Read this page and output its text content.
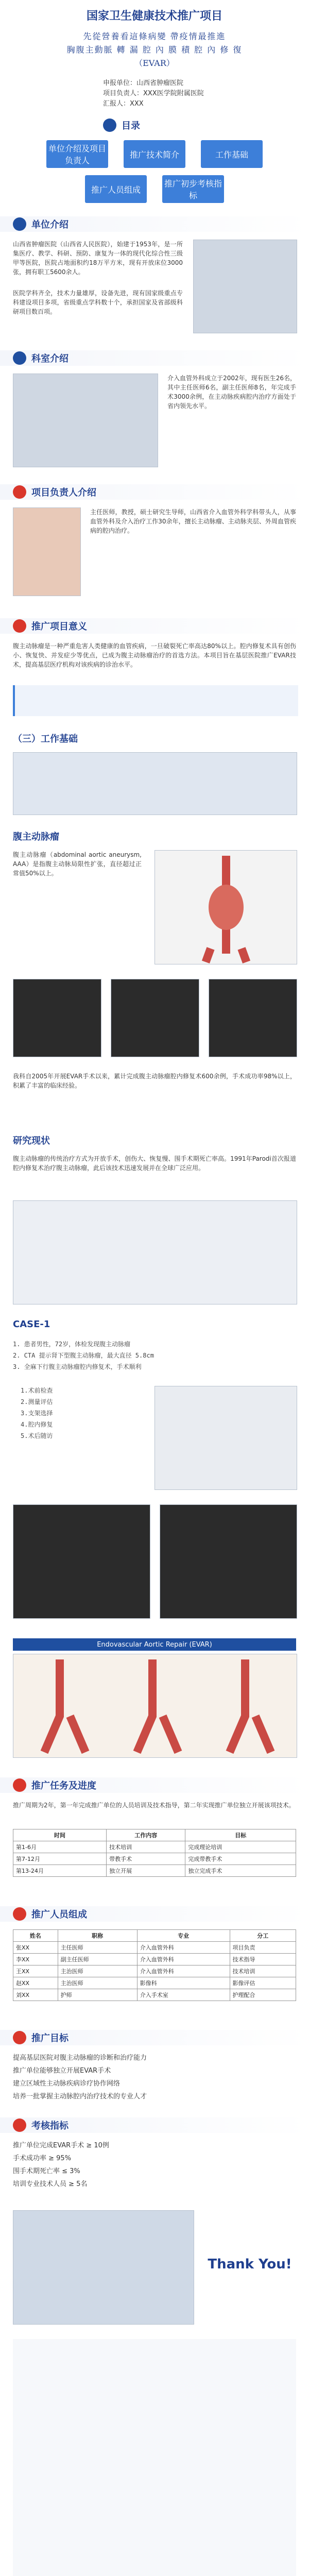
国家卫生健康技术推广项目
先從營養看這條病變 帶疫情最推進
胸腹主動脈 轉 漏 腔 內 膜 積 腔 內 修 復
（EVAR）
申报单位：山西省肿瘤医院
项目负责人：XXX医学院附属医院
汇报人：XXX
目录
单位介绍及项目负责人
推广技术简介	工作基础
推广人员组成
推广初步考核指标
单位介绍
山西省肿瘤医院（山西省人民医院），始建于1953年，是一所集医疗、教学、科研、预防、康复为一体的现代化综合性三级甲等医院，医院占地面积约18万平方米，现有开放床位3000张，拥有职工5600余人。
医院学科齐全，技术力量雄厚，设备先进，现有国家级重点专科建设项目多项，省级重点学科数十个，承担国家及省部级科研项目数百项。
科室介绍
介入血管外科成立于2002年，现有医生26名，其中主任医师6名，副主任医师8名，年完成手术3000余例，在主动脉疾病腔内治疗方面处于省内领先水平。
项目负责人介绍
主任医师，教授，硕士研究生导师，山西省介入血管外科学科带头人，从事血管外科及介入治疗工作30余年，擅长主动脉瘤、主动脉夹层、外周血管疾病的腔内治疗。
推广项目意义
腹主动脉瘤是一种严重危害人类健康的血管疾病，一旦破裂死亡率高达80%以上。腔内修复术具有创伤小、恢复快、并发症少等优点，已成为腹主动脉瘤治疗的首选方法。本项目旨在基层医院推广EVAR技术，提高基层医疗机构对该疾病的诊治水平。
（三）工作基础
腹主动脉瘤
腹主动脉瘤（abdominal aortic aneurysm, AAA）是指腹主动脉局限性扩张，直径超过正常值50%以上。
我科自2005年开展EVAR手术以来，累计完成腹主动脉瘤腔内修复术600余例，手术成功率98%以上，积累了丰富的临床经验。
研究现状
腹主动脉瘤的传统治疗方式为开放手术，创伤大、恢复慢、围手术期死亡率高。1991年Parodi首次报道腔内修复术治疗腹主动脉瘤，此后该技术迅速发展并在全球广泛应用。
CASE-1
1. 患者男性，72岁，体检发现腹主动脉瘤
2. CTA 提示肾下型腹主动脉瘤，最大直径 5.8cm
3. 全麻下行腹主动脉瘤腔内修复术，手术顺利
1.术前检查
2.测量评估
3.支架选择
4.腔内修复
5.术后随访
Endovascular Aortic Repair (EVAR)
推广任务及进度
推广周期为2年，第一年完成推广单位的人员培训及技术指导，第二年实现推广单位独立开展该项技术。
时间	工作内容	目标
第1-6月	技术培训	完成理论培训
第7-12月	带教手术	完成带教手术
第13-24月	独立开展	独立完成手术
推广人员组成
姓名	职称	专业	分工
张XX	主任医师	介入血管外科	项目负责
李XX	副主任医师	介入血管外科	技术指导
王XX	主治医师	介入血管外科	技术培训
赵XX	主治医师	影像科	影像评估
刘XX	护师	介入手术室	护理配合
推广目标
提高基层医院对腹主动脉瘤的诊断和治疗能力
推广单位能够独立开展EVAR手术
建立区域性主动脉疾病诊疗协作网络
培养一批掌握主动脉腔内治疗技术的专业人才
考核指标
推广单位完成EVAR手术 ≥ 10例
手术成功率 ≥ 95%
围手术期死亡率 ≤ 3%
培训专业技术人员 ≥ 5名
Thank You!
